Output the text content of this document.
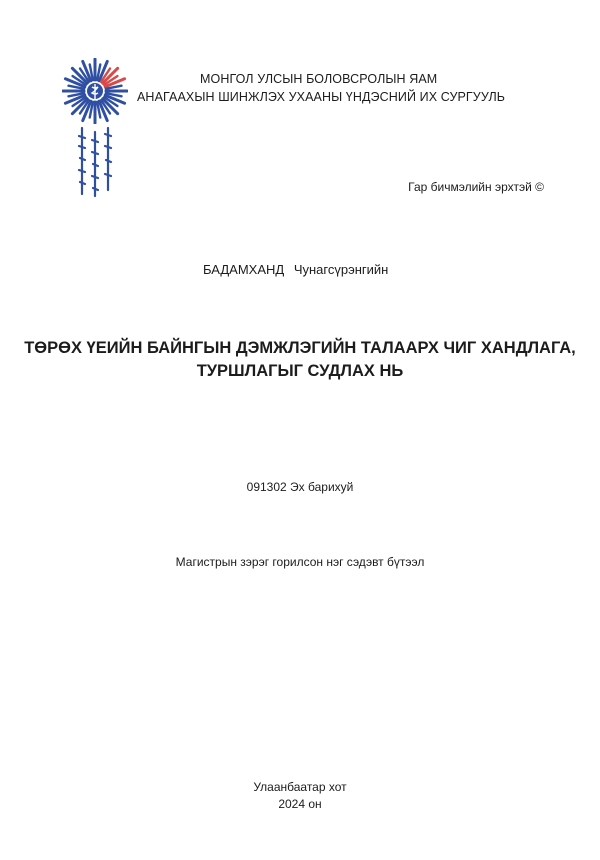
МОНГОЛ УЛСЫН БОЛОВСРОЛЫН ЯАМ
АНАГААХЫН ШИНЖЛЭХ УХААНЫ ҮНДЭСНИЙ ИХ СУРГУУЛЬ
Гар бичмэлийн эрхтэй ©
БАДАМХАНД Чунагсүрэнгийн
ТӨРӨХ ҮЕИЙН БАЙНГЫН ДЭМЖЛЭГИЙН ТАЛААРХ ЧИГ ХАНДЛАГА,
ТУРШЛАГЫГ СУДЛАХ НЬ
091302 Эх барихуй
Магистрын зэрэг горилсон нэг сэдэвт бүтээл
Улаанбаатар хот
2024 он
